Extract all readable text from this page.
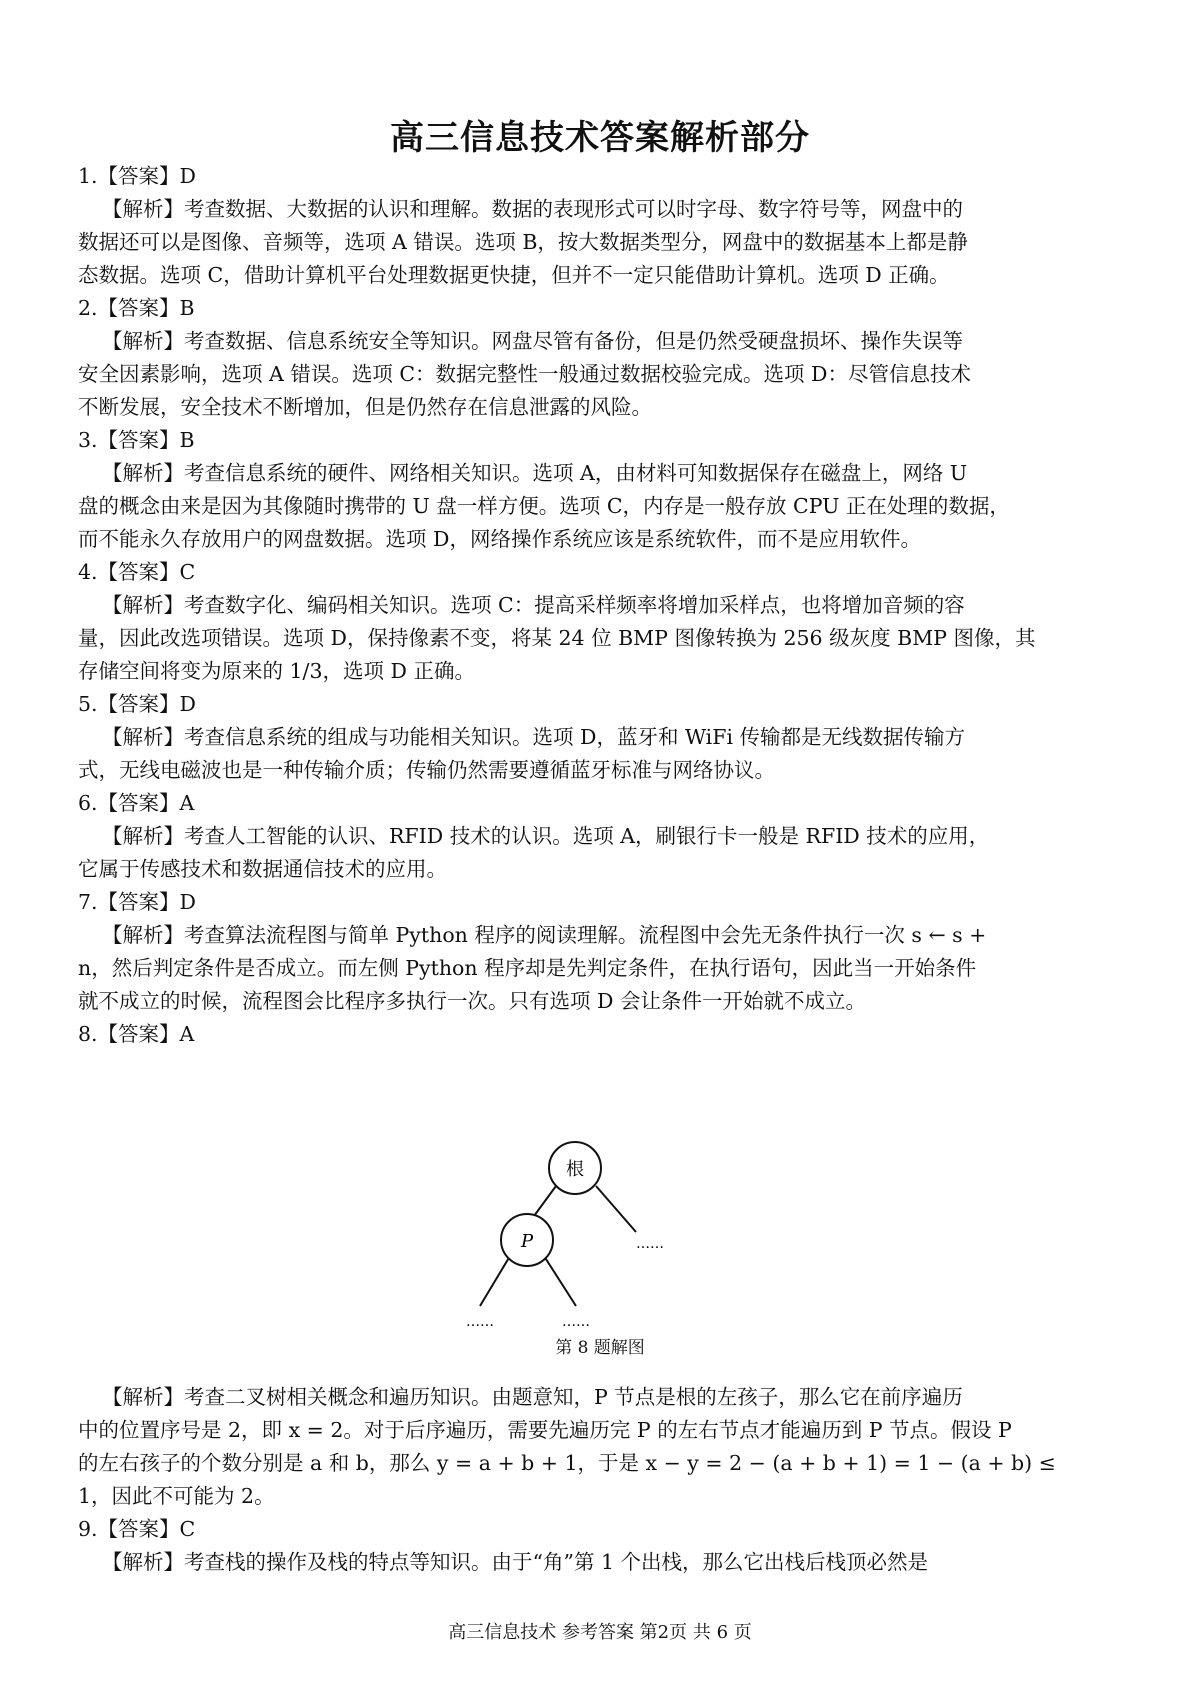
高三信息技术答案解析部分
1.【答案】D
【解析】考查数据、大数据的认识和理解。数据的表现形式可以时字母、数字符号等，网盘中的
数据还可以是图像、音频等，选项 A 错误。选项 B，按大数据类型分，网盘中的数据基本上都是静
态数据。选项 C，借助计算机平台处理数据更快捷，但并不一定只能借助计算机。选项 D 正确。
2.【答案】B
【解析】考查数据、信息系统安全等知识。网盘尽管有备份，但是仍然受硬盘损坏、操作失误等
安全因素影响，选项 A 错误。选项 C：数据完整性一般通过数据校验完成。选项 D：尽管信息技术
不断发展，安全技术不断增加，但是仍然存在信息泄露的风险。
3.【答案】B
【解析】考查信息系统的硬件、网络相关知识。选项 A，由材料可知数据保存在磁盘上，网络 U
盘的概念由来是因为其像随时携带的 U 盘一样方便。选项 C，内存是一般存放 CPU 正在处理的数据，
而不能永久存放用户的网盘数据。选项 D，网络操作系统应该是系统软件，而不是应用软件。
4.【答案】C
【解析】考查数字化、编码相关知识。选项 C：提高采样频率将增加采样点，也将增加音频的容
量，因此改选项错误。选项 D，保持像素不变，将某 24 位 BMP 图像转换为 256 级灰度 BMP 图像，其
存储空间将变为原来的 1/3，选项 D 正确。
5.【答案】D
【解析】考查信息系统的组成与功能相关知识。选项 D，蓝牙和 WiFi 传输都是无线数据传输方
式，无线电磁波也是一种传输介质；传输仍然需要遵循蓝牙标准与网络协议。
6.【答案】A
【解析】考查人工智能的认识、RFID 技术的认识。选项 A，刷银行卡一般是 RFID 技术的应用，
它属于传感技术和数据通信技术的应用。
7.【答案】D
【解析】考查算法流程图与简单 Python 程序的阅读理解。流程图中会先无条件执行一次 s ← s +
n，然后判定条件是否成立。而左侧 Python 程序却是先判定条件，在执行语句，因此当一开始条件
就不成立的时候，流程图会比程序多执行一次。只有选项 D 会让条件一开始就不成立。
8.【答案】A
根
P	……
……	……
第 8 题解图
【解析】考查二叉树相关概念和遍历知识。由题意知，P 节点是根的左孩子，那么它在前序遍历
中的位置序号是 2，即 x = 2。对于后序遍历，需要先遍历完 P 的左右节点才能遍历到 P 节点。假设 P
的左右孩子的个数分别是 a 和 b，那么 y = a + b + 1，于是 x − y = 2 − (a + b + 1) = 1 − (a + b) ≤
1，因此不可能为 2。
9.【答案】C
【解析】考查栈的操作及栈的特点等知识。由于“角”第 1 个出栈，那么它出栈后栈顶必然是
高三信息技术 参考答案 第2页 共 6 页
